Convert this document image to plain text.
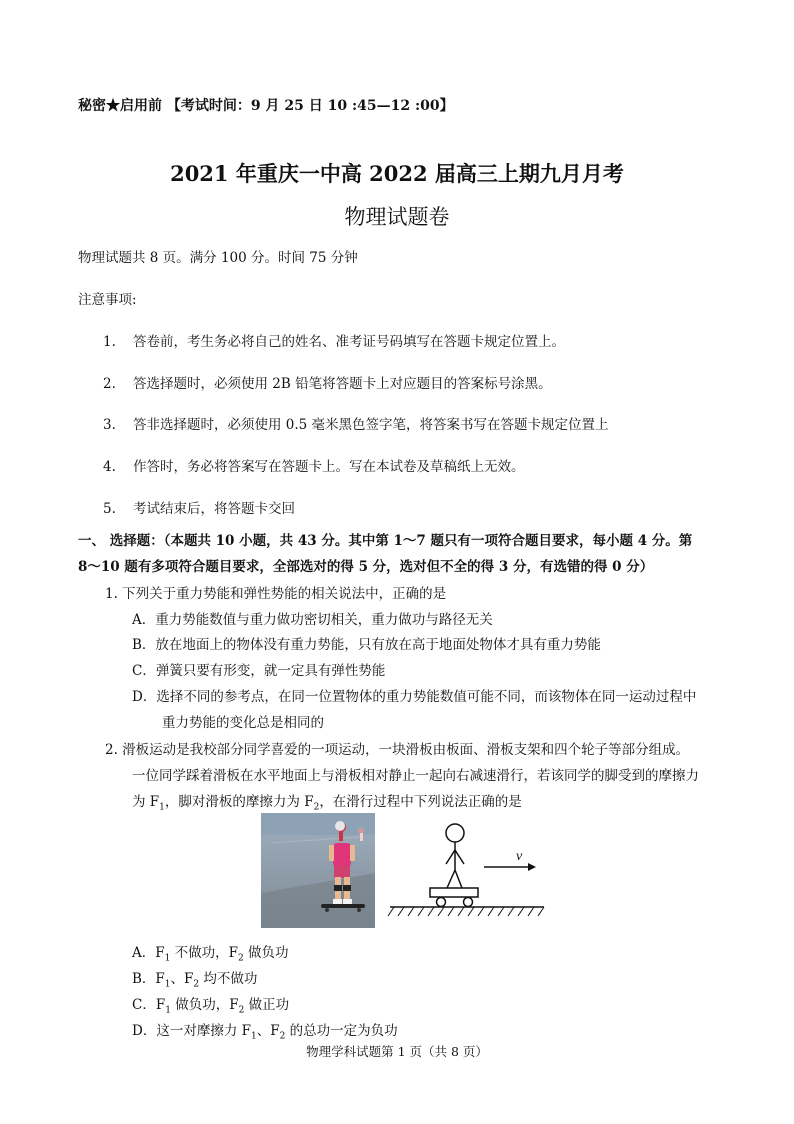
秘密★启用前 【考试时间：9 月 25 日 10 :45—12 :00】
2021 年重庆一中高 2022 届高三上期九月月考
物理试题卷
物理试题共 8 页。满分 100 分。时间 75 分钟
注意事项:
1. 答卷前，考生务必将自己的姓名、准考证号码填写在答题卡规定位置上。
2. 答选择题时，必须使用 2B 铅笔将答题卡上对应题目的答案标号涂黑。
3. 答非选择题时，必须使用 0.5 毫米黑色签字笔，将答案书写在答题卡规定位置上
4. 作答时，务必将答案写在答题卡上。写在本试卷及草稿纸上无效。
5. 考试结束后，将答题卡交回
一、 选择题：（本题共 10 小题，共 43 分。其中第 1～7 题只有一项符合题目要求，每小题 4 分。第
8～10 题有多项符合题目要求，全部选对的得 5 分，选对但不全的得 3 分，有选错的得 0 分）
1. 下列关于重力势能和弹性势能的相关说法中，正确的是
A．重力势能数值与重力做功密切相关，重力做功与路径无关
B．放在地面上的物体没有重力势能，只有放在高于地面处物体才具有重力势能
C．弹簧只要有形变，就一定具有弹性势能
D．选择不同的参考点，在同一位置物体的重力势能数值可能不同，而该物体在同一运动过程中
重力势能的变化总是相同的
2. 滑板运动是我校部分同学喜爱的一项运动，一块滑板由板面、滑板支架和四个轮子等部分组成。
一位同学踩着滑板在水平地面上与滑板相对静止一起向右减速滑行，若该同学的脚受到的摩擦力
为 $F_1$，脚对滑板的摩擦力为 $F_2$，在滑行过程中下列说法正确的是
v
A．$F_1$ 不做功，$F_2$ 做负功
B．$F_1$、$F_2$ 均不做功
C．$F_1$ 做负功，$F_2$ 做正功
D．这一对摩擦力 $F_1$、$F_2$ 的总功一定为负功
物理学科试题第 1 页（共 8 页）
